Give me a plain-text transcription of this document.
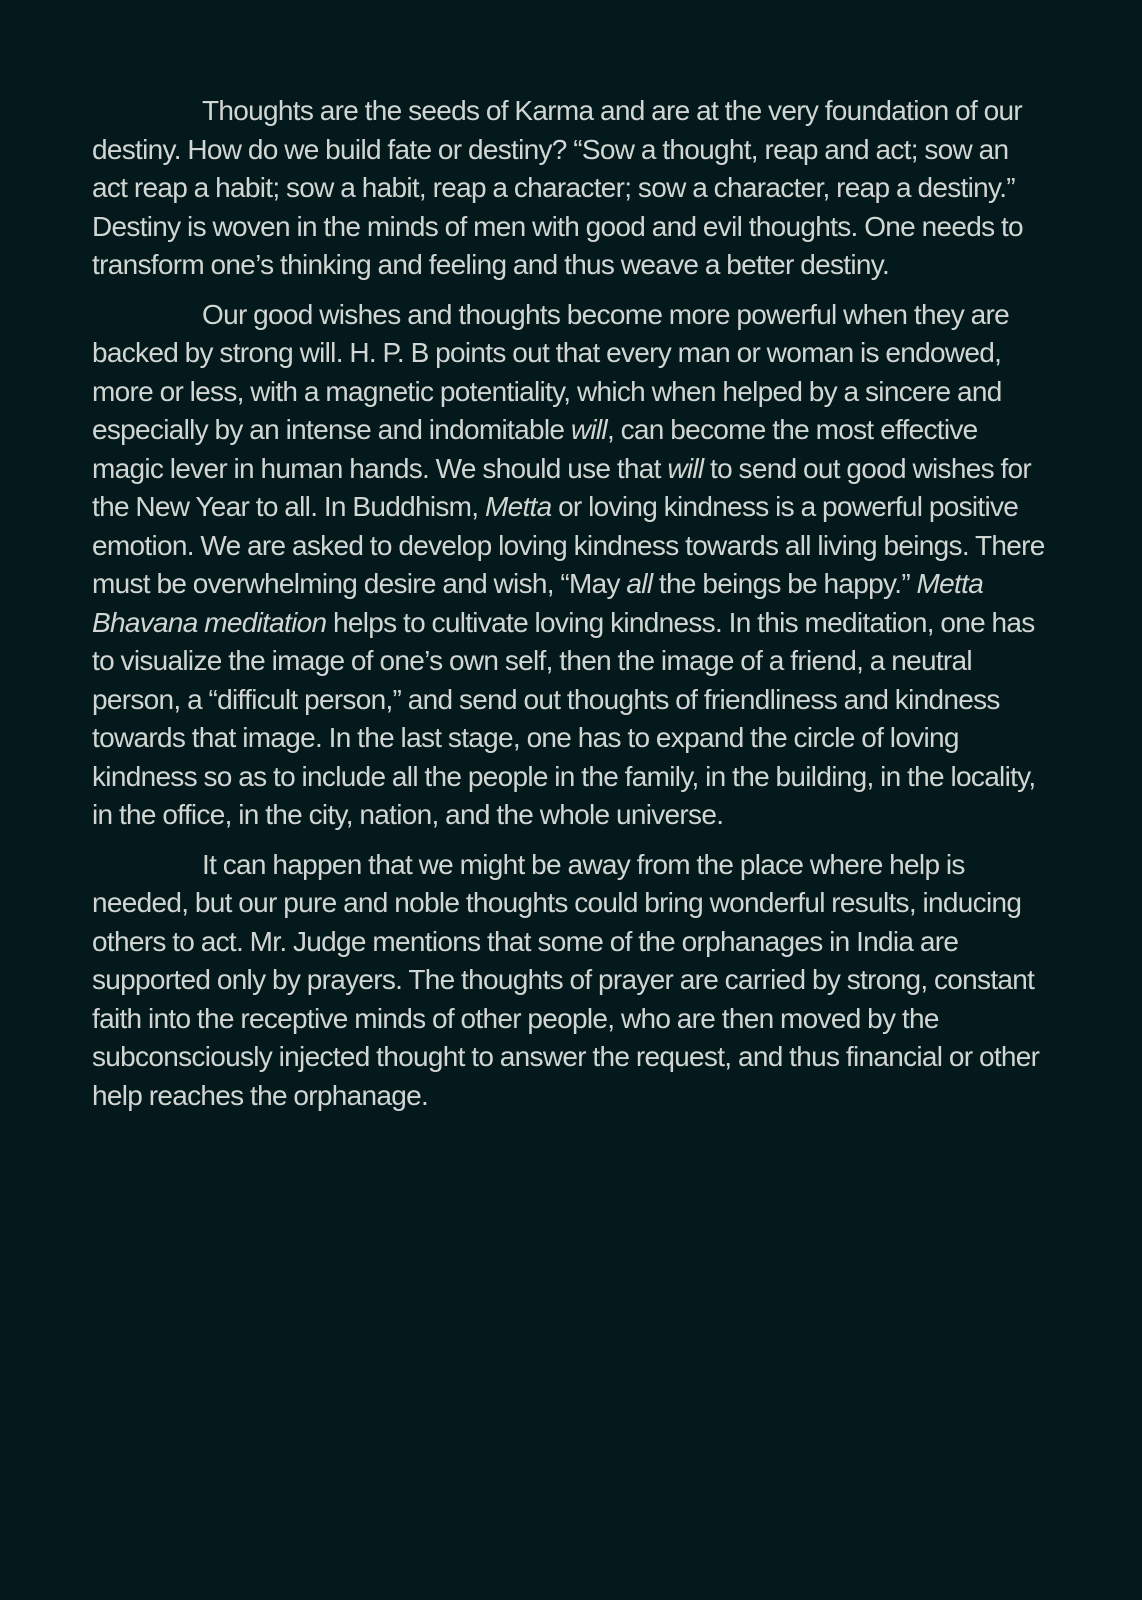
Thoughts are the seeds of Karma and are at the very foundation of our destiny. How do we build fate or destiny? “Sow a thought, reap and act; sow an act reap a habit; sow a habit, reap a character; sow a character, reap a destiny.” Destiny is woven in the minds of men with good and evil thoughts. One needs to transform one’s thinking and feeling and thus weave a better destiny.

Our good wishes and thoughts become more powerful when they are backed by strong will. H. P. B points out that every man or woman is endowed, more or less, with a magnetic potentiality, which when helped by a sincere and especially by an intense and indomitable will, can become the most effective magic lever in human hands. We should use that will to send out good wishes for the New Year to all. In Buddhism, Metta or loving kindness is a powerful positive emotion. We are asked to develop loving kindness towards all living beings. There must be overwhelming desire and wish, “May all the beings be happy.” Metta Bhavana meditation helps to cultivate loving kindness. In this meditation, one has to visualize the image of one’s own self, then the image of a friend, a neutral person, a “difficult person,” and send out thoughts of friendliness and kindness towards that image. In the last stage, one has to expand the circle of loving kindness so as to include all the people in the family, in the building, in the locality, in the office, in the city, nation, and the whole universe.

It can happen that we might be away from the place where help is needed, but our pure and noble thoughts could bring wonderful results, inducing others to act. Mr. Judge mentions that some of the orphanages in India are supported only by prayers. The thoughts of prayer are carried by strong, constant faith into the receptive minds of other people, who are then moved by the subconsciously injected thought to answer the request, and thus financial or other help reaches the orphanage.
